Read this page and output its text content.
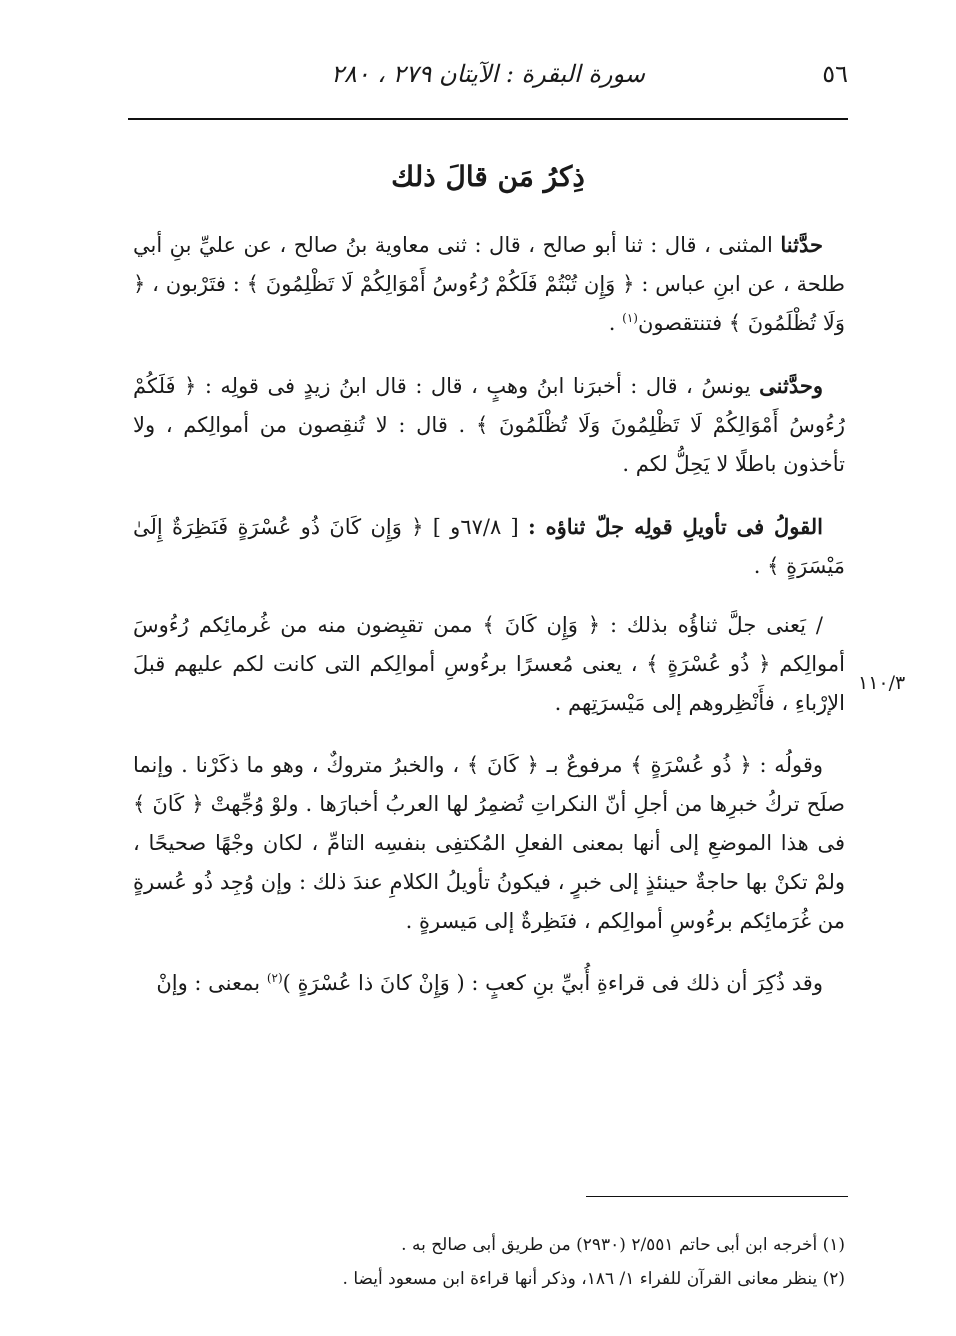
٥٦
سورة البقرة : الآيتان ٢٧٩ ، ٢٨٠
ذِكرُ مَن قالَ ذلك

حدَّثنا المثنى ، قال : ثنا أبو صالح ، قال : ثنى معاوية بنُ صالح ، عن عليِّ بنِ أبي طلحة ، عن ابنِ عباس : ﴿ وَإِن تُبْتُمْ فَلَكُمْ رُءُوسُ أَمْوَالِكُمْ لَا تَظْلِمُونَ ﴾ : فتَرْبون ، ﴿ وَلَا تُظْلَمُونَ ﴾ فتنتقصون$^{(١)}$ .

وحدَّثنى يونسُ ، قال : أخبرَنا ابنُ وهبٍ ، قال : قال ابنُ زيدٍ فى قولِه : ﴿ فَلَكُمْ رُءُوسُ أَمْوَالِكُمْ لَا تَظْلِمُونَ وَلَا تُظْلَمُونَ ﴾ . قال : لا تُنقِصون من أموالِكم ، ولا تأخذون باطلًا لا يَحِلُّ لكم .

القولُ فى تأويلِ قولِه جلّ ثناؤه : [ ٦٧/٨و ] ﴿ وَإِن كَانَ ذُو عُسْرَةٍ فَنَظِرَةٌ إِلَىٰ مَيْسَرَةٍ ﴾ .

/ يَعنى جلَّ ثناؤُه بذلك : ﴿ وَإِن كَانَ ﴾ ممن تقبِضون منه من غُرمائِكم رُءُوسَ أموالِكم ﴿ ذُو عُسْرَةٍ ﴾ ، يعنى مُعسرًا برءُوسِ أموالِكم التى كانت لكم عليهم قبلَ الإرْباءِ ، فأَنْظِروهم إلى مَيْسرَتِهم .

وقولُه : ﴿ ذُو عُسْرَةٍ ﴾ مرفوعٌ بـ ﴿ كَانَ ﴾ ، والخبرُ متروكٌ ، وهو ما ذكَرْنا . وإنما صلَح تركُ خبرِها من أجلِ أنّ النكراتِ تُضمِرُ لها العربُ أخبارَها . ولوْ وُجِّهتْ ﴿ كَانَ ﴾ فى هذا الموضعِ إلى أنها بمعنى الفعلِ المُكتفِى بنفسِه التامِّ ، لكان وجْهًا صحيحًا ، ولمْ تكنْ بها حاجةٌ حينئذٍ إلى خبرٍ ، فيكونُ تأويلُ الكلامِ عندَ ذلك : وإن وُجِد ذُو عُسرةٍ من غُرَمائِكم برءُوسِ أموالِكم ، فنَظِرةٌ إلى مَيسرةٍ .

وقد ذُكِرَ أن ذلك فى قراءةِ أُبيِّ بنِ كعبٍ : ( وَإِنْ كانَ ذا عُسْرَةٍ )$^{(٢)}$ بمعنى : وإنْ

١١٠/٣

(١) أخرجه ابن أبى حاتم ٢/٥٥١ (٢٩٣٠) من طريق أبى صالح به .

(٢) ينظر معانى القرآن للفراء ١/ ١٨٦، وذكر أنها قراءة ابن مسعود أيضا .
